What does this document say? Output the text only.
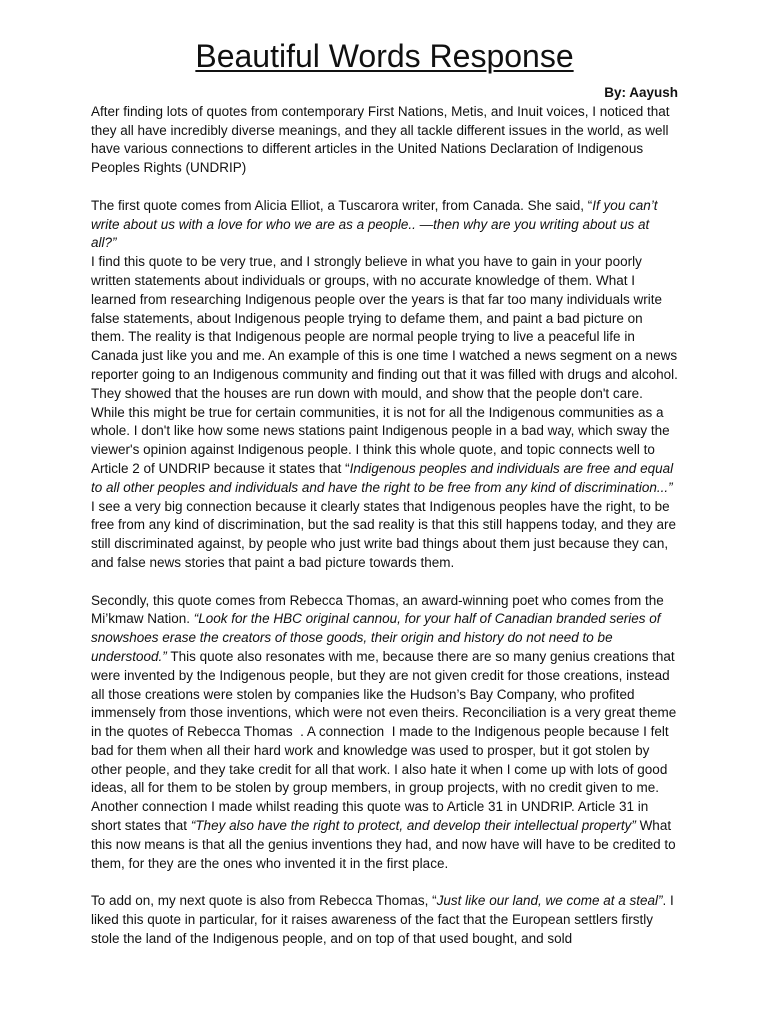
Beautiful Words Response

By: Aayush

After finding lots of quotes from contemporary First Nations, Metis, and Inuit voices, I noticed that they all have incredibly diverse meanings, and they all tackle different issues in the world, as well have various connections to different articles in the United Nations Declaration of Indigenous Peoples Rights (UNDRIP)

The first quote comes from Alicia Elliot, a Tuscarora writer, from Canada. She said, “If you can’t write about us with a love for who we are as a people.. —then why are you writing about us at all?”

I find this quote to be very true, and I strongly believe in what you have to gain in your poorly written statements about individuals or groups, with no accurate knowledge of them. What I learned from researching Indigenous people over the years is that far too many individuals write false statements, about Indigenous people trying to defame them, and paint a bad picture on them. The reality is that Indigenous people are normal people trying to live a peaceful life in Canada just like you and me. An example of this is one time I watched a news segment on a news reporter going to an Indigenous community and finding out that it was filled with drugs and alcohol. They showed that the houses are run down with mould, and show that the people don't care. While this might be true for certain communities, it is not for all the Indigenous communities as a whole. I don't like how some news stations paint Indigenous people in a bad way, which sway the viewer's opinion against Indigenous people. I think this whole quote, and topic connects well to Article 2 of UNDRIP because it states that “Indigenous peoples and individuals are free and equal to all other peoples and individuals and have the right to be free from any kind of discrimination...” I see a very big connection because it clearly states that Indigenous peoples have the right, to be free from any kind of discrimination, but the sad reality is that this still happens today, and they are still discriminated against, by people who just write bad things about them just because they can, and false news stories that paint a bad picture towards them.

Secondly, this quote comes from Rebecca Thomas, an award-winning poet who comes from the Mi’kmaw Nation. “Look for the HBC original cannou, for your half of Canadian branded series of snowshoes erase the creators of those goods, their origin and history do not need to be understood.” This quote also resonates with me, because there are so many genius creations that were invented by the Indigenous people, but they are not given credit for those creations, instead all those creations were stolen by companies like the Hudson’s Bay Company, who profited immensely from those inventions, which were not even theirs. Reconciliation is a very great theme in the quotes of Rebecca Thomas  . A connection  I made to the Indigenous people because I felt bad for them when all their hard work and knowledge was used to prosper, but it got stolen by other people, and they take credit for all that work. I also hate it when I come up with lots of good ideas, all for them to be stolen by group members, in group projects, with no credit given to me. Another connection I made whilst reading this quote was to Article 31 in UNDRIP. Article 31 in short states that “They also have the right to protect, and develop their intellectual property” What this now means is that all the genius inventions they had, and now have will have to be credited to them, for they are the ones who invented it in the first place.

To add on, my next quote is also from Rebecca Thomas, “Just like our land, we come at a steal”. I liked this quote in particular, for it raises awareness of the fact that the European settlers firstly stole the land of the Indigenous people, and on top of that used bought, and sold
